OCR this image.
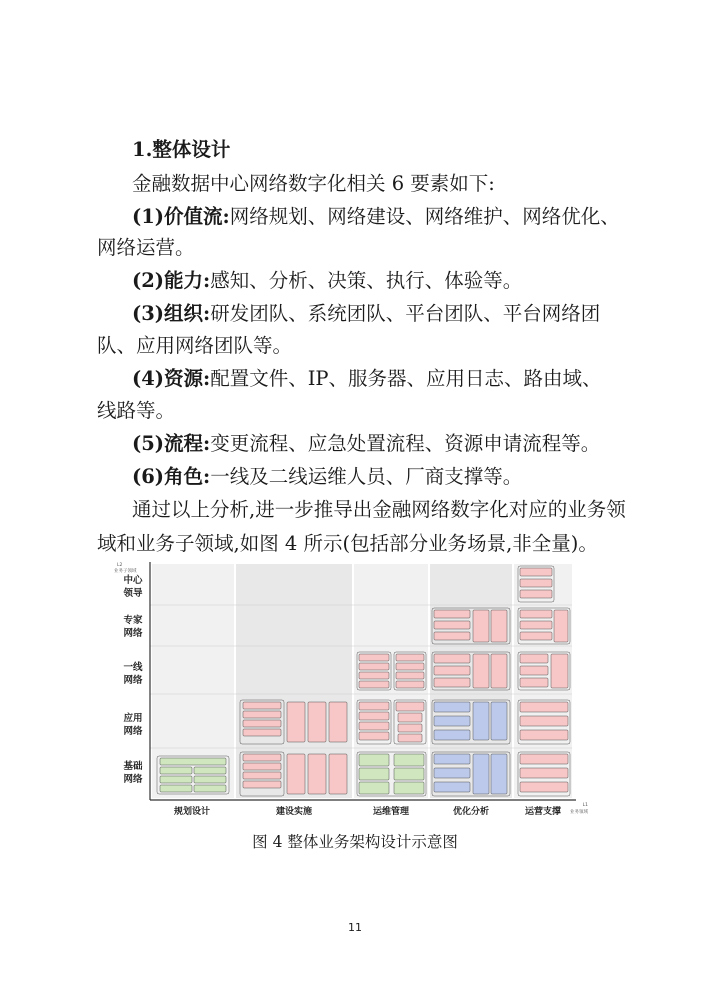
1.整体设计
金融数据中心网络数字化相关 6 要素如下:
(1)价值流:网络规划、网络建设、网络维护、网络优化、
网络运营。
(2)能力:感知、分析、决策、执行、体验等。
(3)组织:研发团队、系统团队、平台团队、平台网络团
队、应用网络团队等。
(4)资源:配置文件、IP、服务器、应用日志、路由域、
线路等。
(5)流程:变更流程、应急处置流程、资源申请流程等。
(6)角色:一线及二线运维人员、厂商支撑等。
通过以上分析,进一步推导出金融网络数字化对应的业务领
域和业务子领域,如图 4 所示(包括部分业务场景,非全量)。
L2
业务子领域
L1
业务领域
中心
领导
专家
网络
一线
网络
应用
网络
基础
网络
规划设计	建设实施	运维管理	优化分析	运营支撑
图 4 整体业务架构设计示意图
11
